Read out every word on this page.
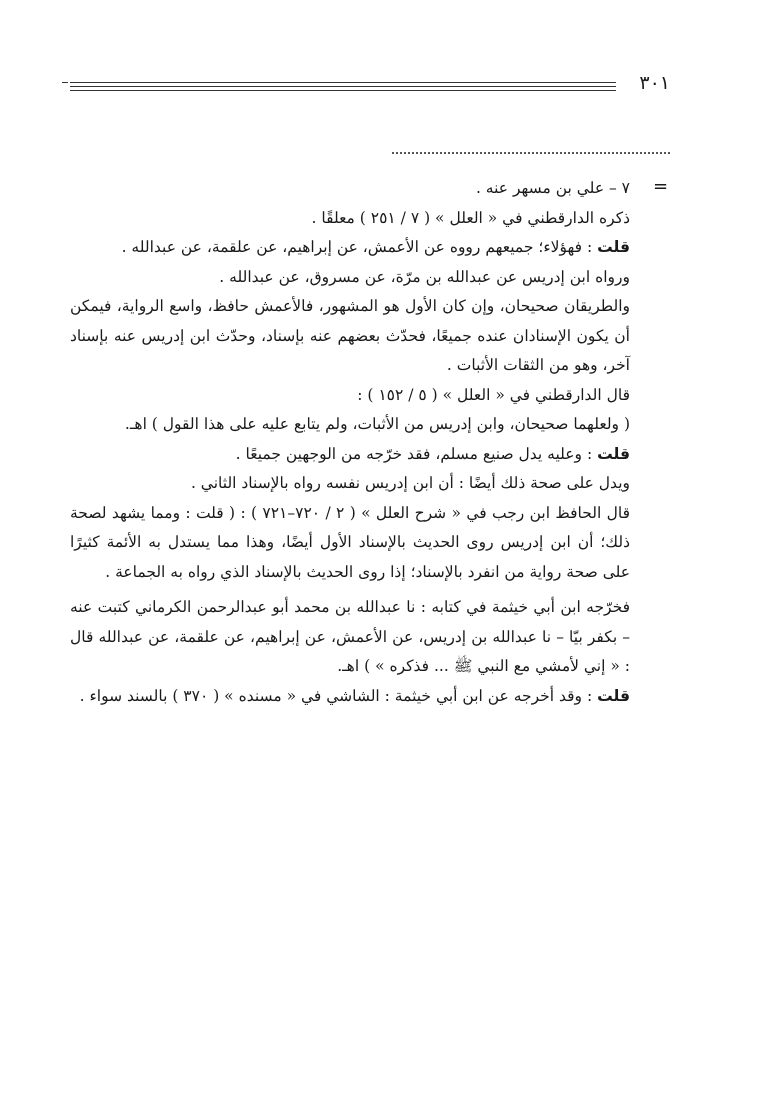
٣٠١
=

٧ – علي بن مسهر عنه .

ذكره الدارقطني في « العلل » ( ٧ / ٢٥١ ) معلقًا .

قلت : فهؤلاء؛ جميعهم رووه عن الأعمش، عن إبراهيم، عن علقمة، عن عبدالله .

ورواه ابن إدريس عن عبدالله بن مرّة، عن مسروق، عن عبدالله .

والطريقان صحيحان، وإن كان الأول هو المشهور، فالأعمش حافظ، واسع الرواية، فيمكن أن يكون الإسنادان عنده جميعًا، فحدّث بعضهم عنه بإسناد، وحدّث ابن إدريس عنه بإسناد آخر، وهو من الثقات الأثبات .

قال الدارقطني في « العلل » ( ٥ / ١٥٢ ) :

( ولعلهما صحيحان، وابن إدريس من الأثبات، ولم يتابع عليه على هذا القول ) اهـ.

قلت : وعليه يدل صنيع مسلم، فقد خرّجه من الوجهين جميعًا .

ويدل على صحة ذلك أيضًا : أن ابن إدريس نفسه رواه بالإسناد الثاني .

قال الحافظ ابن رجب في « شرح العلل » ( ٢ / ٧٢٠–٧٢١ ) : ( قلت : ومما يشهد لصحة ذلك؛ أن ابن إدريس روى الحديث بالإسناد الأول أيضًا، وهذا مما يستدل به الأئمة كثيرًا على صحة رواية من انفرد بالإسناد؛ إذا روى الحديث بالإسناد الذي رواه به الجماعة .

فخرّجه ابن أبي خيثمة في كتابه : نا عبدالله بن محمد أبو عبدالرحمن الكرماني كتبت عنه – بكفر بيّا – نا عبدالله بن إدريس، عن الأعمش، عن إبراهيم، عن علقمة، عن عبدالله قال : « إني لأمشي مع النبي ﷺ ... فذكره » ) اهـ.

قلت : وقد أخرجه عن ابن أبي خيثمة : الشاشي في « مسنده » ( ٣٧٠ ) بالسند سواء .
